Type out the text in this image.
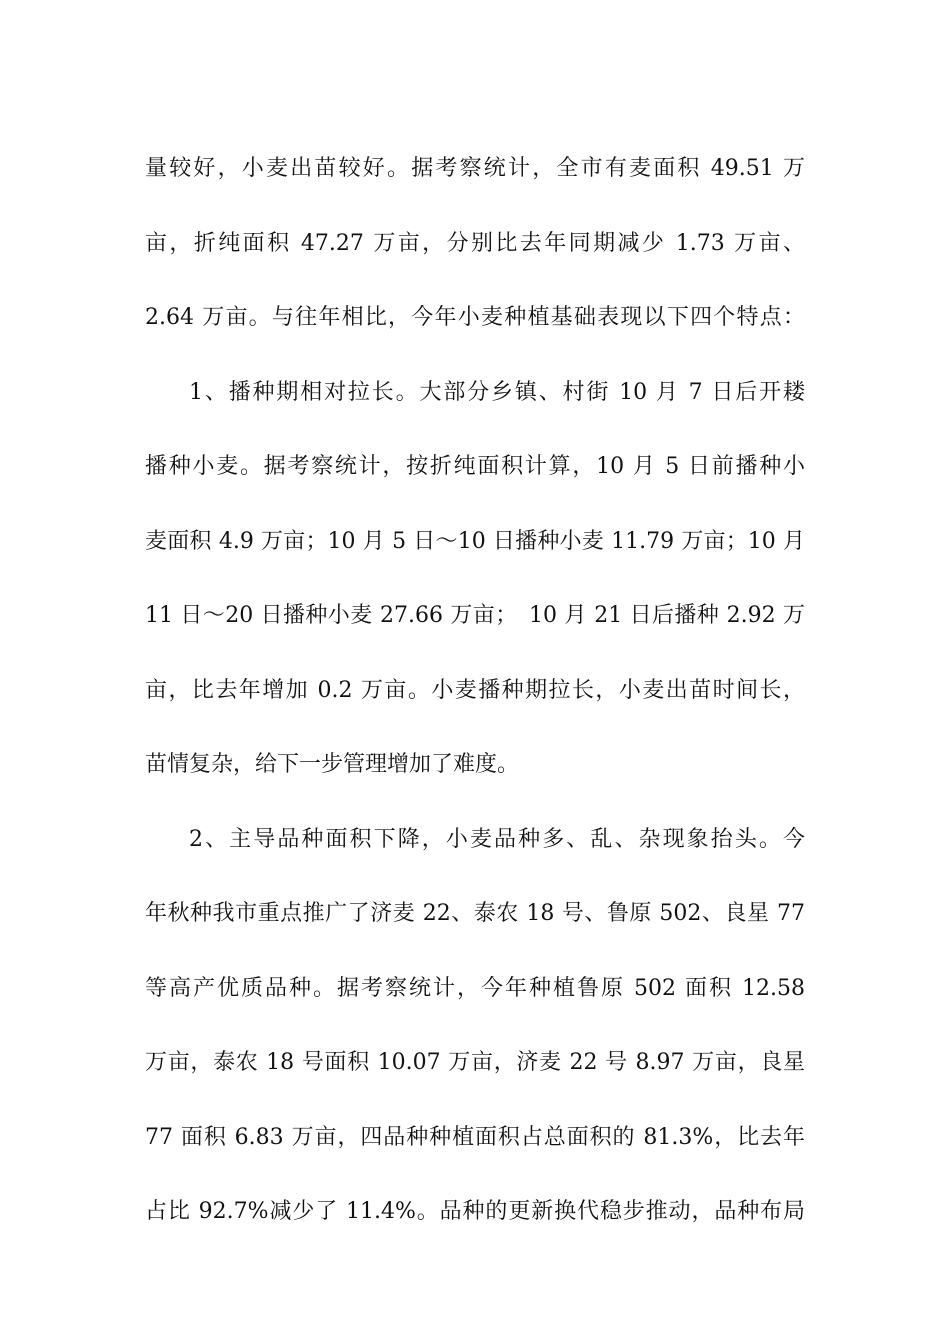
量较好，小麦出苗较好。据考察统计，全市有麦面积 49.51 万
亩，折纯面积 47.27 万亩，分别比去年同期减少 1.73 万亩、
2.64 万亩。与往年相比，今年小麦种植基础表现以下四个特点：
1、播种期相对拉长。大部分乡镇、村街 10 月 7 日后开耧
播种小麦。据考察统计，按折纯面积计算，10 月 5 日前播种小
麦面积 4.9 万亩；10 月 5 日～10 日播种小麦 11.79 万亩；10 月
11 日～20 日播种小麦 27.66 万亩；　10 月 21 日后播种 2.92 万
亩，比去年增加 0.2 万亩。小麦播种期拉长，小麦出苗时间长，
苗情复杂，给下一步管理增加了难度。
2、主导品种面积下降，小麦品种多、乱、杂现象抬头。今
年秋种我市重点推广了济麦 22、泰农 18 号、鲁原 502、良星 77
等高产优质品种。据考察统计，今年种植鲁原 502 面积 12.58
万亩，泰农 18 号面积 10.07 万亩，济麦 22 号 8.97 万亩，良星
77 面积 6.83 万亩，四品种种植面积占总面积的 81.3%，比去年
占比 92.7%减少了 11.4%。品种的更新换代稳步推动，品种布局
